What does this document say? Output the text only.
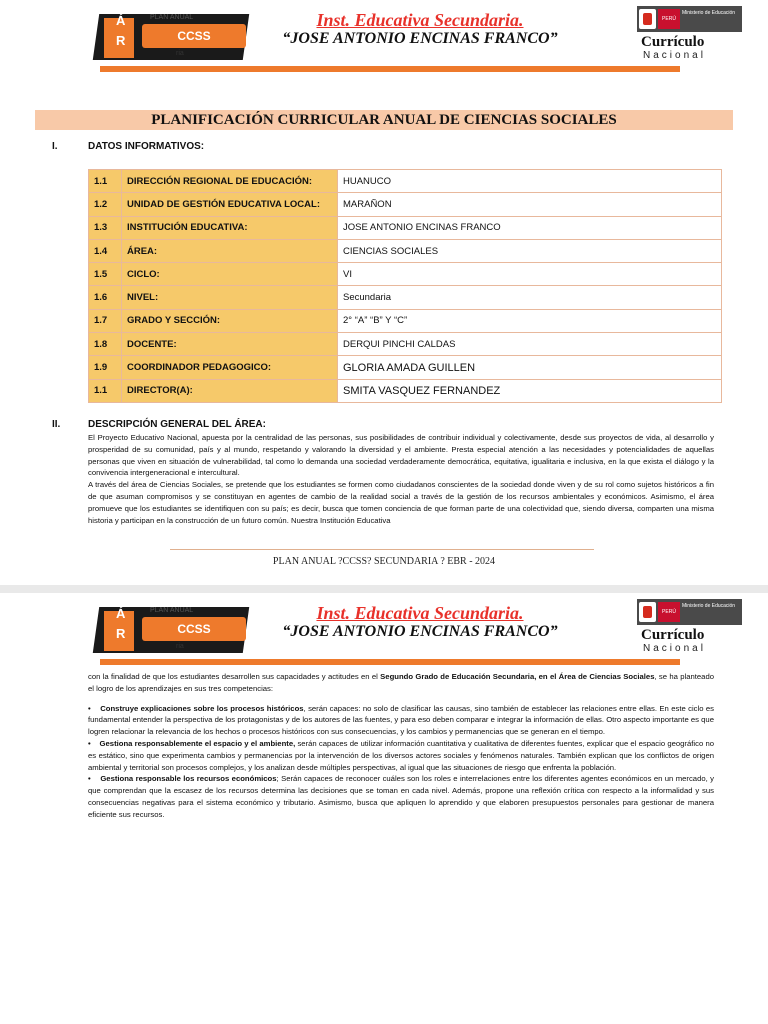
Á
R
PLAN ANUAL
CCSS
ria
Inst. Educativa Secundaria.
“JOSE ANTONIO ENCINAS FRANCO”
PERÚ
Ministerio de Educación
Currículo
Nacional
PLANIFICACIÓN CURRICULAR ANUAL DE CIENCIAS SOCIALES
I.	DATOS INFORMATIVOS:
1.1	DIRECCIÓN REGIONAL DE EDUCACIÓN:	HUANUCO
1.2	UNIDAD DE GESTIÓN EDUCATIVA LOCAL:	MARAÑON
1.3	INSTITUCIÓN EDUCATIVA:	JOSE ANTONIO ENCINAS FRANCO
1.4	ÁREA:	CIENCIAS SOCIALES
1.5	CICLO:	VI
1.6	NIVEL:	Secundaria
1.7	GRADO Y SECCIÓN:	2° “A” “B” Y “C”
1.8	DOCENTE:	DERQUI PINCHI CALDAS
1.9	COORDINADOR PEDAGOGICO:	GLORIA AMADA GUILLEN
1.1	DIRECTOR(A):	SMITA VASQUEZ FERNANDEZ
II.	DESCRIPCIÓN GENERAL DEL ÁREA:
El Proyecto Educativo Nacional, apuesta por la centralidad de las personas, sus posibilidades de contribuir individual y colectivamente, desde sus proyectos de vida, al desarrollo y prosperidad de su comunidad, país y al mundo, respetando y valorando la diversidad y el ambiente. Presta especial atención a las necesidades y potencialidades de aquellas personas que viven en situación de vulnerabilidad, tal como lo demanda una sociedad verdaderamente democrática, equitativa, igualitaria e inclusiva, en la que exista el diálogo y la convivencia intergeneracional e intercultural.
A través del área de Ciencias Sociales, se pretende que los estudiantes se formen como ciudadanos conscientes de la sociedad donde viven y de su rol como sujetos históricos a fin de que asuman compromisos y se constituyan en agentes de cambio de la realidad social a través de la gestión de los recursos ambientales y económicos. Asimismo, el área promueve que los estudiantes se identifiquen con su país; es decir, busca que tomen conciencia de que forman parte de una colectividad que, siendo diversa, comparten una misma historia y participan en la construcción de un futuro común. Nuestra Institución Educativa
PLAN ANUAL ?CCSS? SECUNDARIA ? EBR - 2024
Á
R
PLAN ANUAL
CCSS
ria
Inst. Educativa Secundaria.
“JOSE ANTONIO ENCINAS FRANCO”
PERÚ
Ministerio de Educación
Currículo
Nacional
con la finalidad de que los estudiantes desarrollen sus capacidades y actitudes en el Segundo Grado de Educación Secundaria, en el Área de Ciencias Sociales, se ha planteado el logro de los aprendizajes en sus tres competencias:
• Construye explicaciones sobre los procesos históricos, serán capaces: no solo de clasificar las causas, sino también de establecer las relaciones entre ellas. En este ciclo es fundamental entender la perspectiva de los protagonistas y de los autores de las fuentes, y para eso deben comparar e integrar la información de ellas. Otro aspecto importante es que logren relacionar la relevancia de los hechos o procesos históricos con sus consecuencias, y los cambios y permanencias que se generan en el tiempo.
• Gestiona responsablemente el espacio y el ambiente, serán capaces de utilizar información cuantitativa y cualitativa de diferentes fuentes, explicar que el espacio geográfico no es estático, sino que experimenta cambios y permanencias por la intervención de los diversos actores sociales y fenómenos naturales. También explican que los conflictos de origen ambiental y territorial son procesos complejos, y los analizan desde múltiples perspectivas, al igual que las situaciones de riesgo que enfrenta la población.
• Gestiona responsable los recursos económicos; Serán capaces de reconocer cuáles son los roles e interrelaciones entre los diferentes agentes económicos en un mercado, y que comprendan que la escasez de los recursos determina las decisiones que se toman en cada nivel. Además, propone una reflexión crítica con respecto a la informalidad y sus consecuencias negativas para el sistema económico y tributario. Asimismo, busca que apliquen lo aprendido y que elaboren presupuestos personales para gestionar de manera eficiente sus recursos.
